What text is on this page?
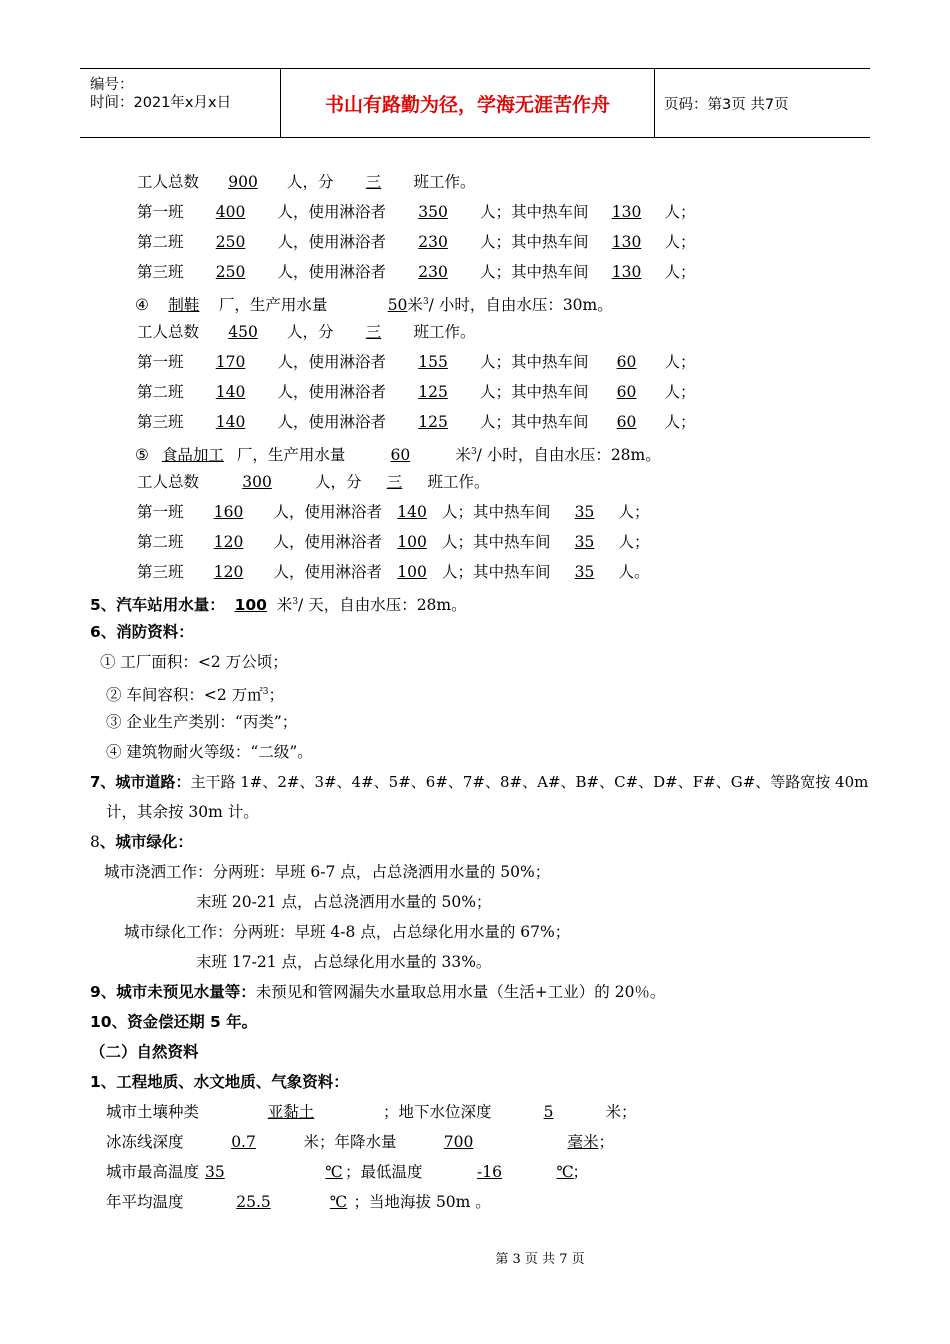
编号：
时间：2021年x月x日	书山有路勤为径，学海无涯苦作舟	页码：第3页 共7页
工人总数 900 人，分 三 班工作。
第一班 400 人，使用淋浴者 350 人；其中热车间 130 人；
第二班 250 人，使用淋浴者 230 人；其中热车间 130 人；
第三班 250 人，使用淋浴者 230 人；其中热车间 130 人；
④ 制鞋 厂，生产用水量	50米$^3$/ 小时，自由水压：30m。
工人总数 450 人，分 三 班工作。
第一班 170 人，使用淋浴者 155 人；其中热车间 60 人；
第二班 140 人，使用淋浴者 125 人；其中热车间 60 人；
第三班 140 人，使用淋浴者 125 人；其中热车间 60 人；
⑤ 食品加工 厂，生产用水量	60	米$^3$/ 小时，自由水压：28m。
工人总数	300	人，分 三 班工作。
第一班 160 人，使用淋浴者 140 人；其中热车间 35 人；
第二班 120 人，使用淋浴者 100 人；其中热车间 35 人；
第三班 120 人，使用淋浴者 100 人；其中热车间 35 人。
5、汽车站用水量： 100 米$^3$/ 天，自由水压：28m。
6、消防资料：
① 工厂面积：<2 万公顷；
② 车间容积：<2 万㎡$^3$；
③ 企业生产类别：“丙类”；
④ 建筑物耐火等级：“二级”。
7、城市道路：主干路 1#、2#、3#、4#、5#、6#、7#、8#、A#、B#、C#、D#、F#、G#、等路宽按 40m
计，其余按 30m 计。
8、城市绿化：
城市浇洒工作：分两班：早班 6-7 点，占总浇洒用水量的 50%；
末班 20-21 点，占总浇洒用水量的 50%；
城市绿化工作：分两班：早班 4-8 点，占总绿化用水量的 67%；
末班 17-21 点，占总绿化用水量的 33%。
9、城市未预见水量等：未预见和管网漏失水量取总用水量（生活+工业）的 20％。
10、资金偿还期 5 年。
（二）自然资料
1、工程地质、水文地质、气象资料：
城市土壤种类	亚黏土	；地下水位深度	5	米；
冰冻线深度	0.7	米；年降水量	700	毫米；
城市最高温度 35	℃ ；最低温度	-16	℃；
年平均温度	25.5	℃ ；当地海拔 50m 。
第 3 页 共 7 页
